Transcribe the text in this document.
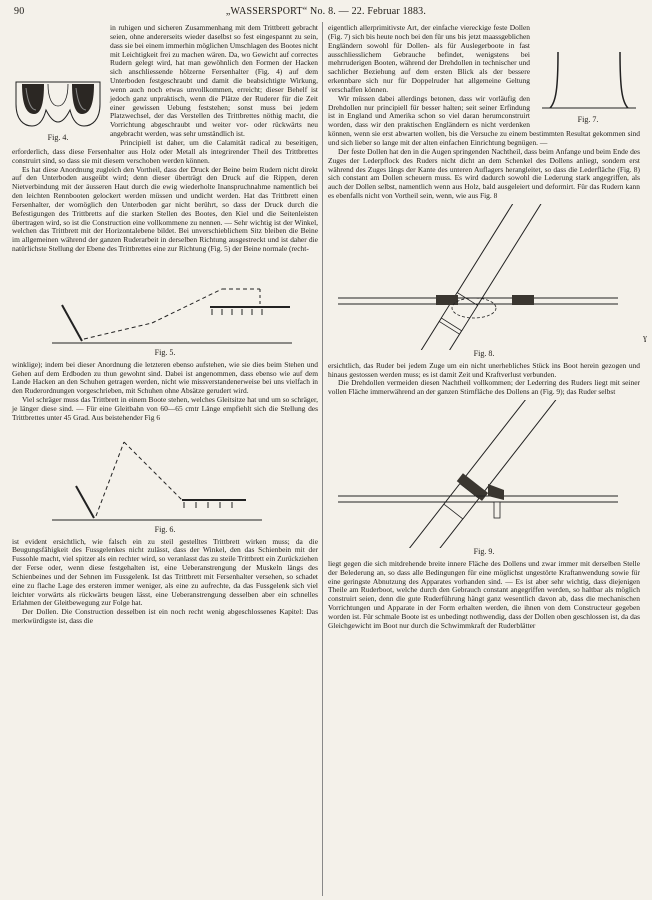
90	„WASSERSPORT“ No. 8. — 22. Februar 1883.
ɣ

Fig. 4.
in ruhigen und sicheren Zusammenhang mit dem Trittbrett gebracht seien, ohne andererseits wieder daselbst so fest eingespannt zu sein, dass sie bei einem immerhin möglichen Umschlagen des Bootes nicht mit Leichtigkeit frei zu machen wären. Da, wo Gewicht auf correctes Rudern gelegt wird, hat man gewöhnlich den Formen der Hacken sich anschliessende hölzerne Fersenhalter (Fig. 4) auf dem Unterboden festgeschraubt und damit die beabsichtigte Wirkung, wenn auch noch etwas unvollkommen, erreicht; dieser Behelf ist jedoch ganz unpraktisch, wenn die Plätze der Ruderer für die Zeit einer gewissen Uebung feststehen; sonst muss bei jedem Platzwechsel, der das Verstellen des Trittbrettes nöthig macht, die Vorrichtung abgeschraubt und weiter vor- oder rückwärts neu angebracht werden, was sehr umständlich ist.

Principiell ist daher, um die Calamität radical zu beseitigen, erforderlich, dass diese Fersenhalter aus Holz oder Metall als integrirender Theil des Trittbrettes construirt sind, so dass sie mit diesem verschoben werden können.

Es hat diese Anordnung zugleich den Vortheil, dass der Druck der Beine beim Rudern nicht direkt auf den Unterboden ausgeübt wird; denn dieser überträgt den Druck auf die Rippen, deren Nietverbindung mit der äusseren Haut durch die ewig wiederholte Inanspruchnahme namentlich bei den leichten Rennbooten gelockert werden müssen und undicht werden. Hat das Trittbrett einen Fersenhalter, der womöglich den Unterboden gar nicht berührt, so dass der Druck durch die Befestigungen des Trittbretts auf die starken Stellen des Bootes, den Kiel und die Seitenleisten übertragen wird, so ist die Construction eine vollkommene zu nennen. — Sehr wichtig ist der Winkel, welchen das Trittbrett mit der Horizontalebene bildet. Bei unverschieblichem Sitz bleiben die Beine im allgemeinen während der ganzen Ruderarbeit in derselben Richtung ausgestreckt und ist daher die natürlichste Stellung der Ebene des Trittbrettes eine zur Richtung (Fig. 5) der Beine normale (recht-

Fig. 5.

winklige); indem bei dieser Anordnung die letzteren ebenso aufstehen, wie sie dies beim Stehen und Gehen auf dem Erdboden zu thun gewohnt sind. Dabei ist angenommen, dass ebenso wie auf dem Lande Hacken an den Schuhen getragen werden, nicht wie missverstandenerweise bei uns vielfach in den Ruderordnungen vorgeschrieben, mit Schuhen ohne Absätze gerudert wird.

Viel schräger muss das Trittbrett in einem Boote stehen, welches Gleitsitze hat und um so schräger, je länger diese sind. — Für eine Gleitbahn von 60—65 cmtr Länge empfiehlt sich die Stellung des Trittbrettes unter 45 Grad. Aus beistehender Fig 6

Fig. 6.

ist evident ersichtlich, wie falsch ein zu steil gestelltes Trittbrett wirken muss; da die Beugungsfähigkeit des Fussgelenkes nicht zulässt, dass der Winkel, den das Schienbein mit der Fussohle macht, viel spitzer als ein rechter wird, so veranlasst das zu steile Trittbrett ein Zurückziehen der Ferse oder, wenn diese festgehalten ist, eine Ueberanstrengung der Muskeln längs des Schienbeines und der Sehnen im Fussgelenk. Ist das Trittbrett mit Fersenhalter versehen, so schadet eine zu flache Lage des ersteren immer weniger, als eine zu aufrechte, da das Fussgelenk sich viel leichter vorwärts als rückwärts beugen lässt, eine Ueberanstrengung desselben aber ein schnelles Erlahmen der Gleitbewegung zur Folge hat.

Der Dollen. Die Construction desselben ist ein noch recht wenig abgeschlossenes Kapitel: Das merkwürdigste ist, dass die

Fig. 7.
eigentlich allerprimitivste Art, der einfache viereckige feste Dollen (Fig. 7) sich bis heute noch bei den für uns bis jetzt maassgeblichen Engländern sowohl für Dollen- als für Auslegerboote in fast ausschliesslichem Gebrauche befindet, wenigstens bei mehrruderigen Booten, während der Drehdollen in technischer und sachlicher Beziehung auf dem ersten Blick als der bessere erkennbare sich nur für Doppelruder hat allgemeine Geltung verschaffen können.

Wir müssen dabei allerdings betonen, dass wir vorläufig den Drehdollen nur principiell für besser halten; seit seiner Erfindung ist in England und Amerika schon so viel daran herumconstruirt worden, dass wir den praktischen Engländern es nicht verdenken können, wenn sie erst abwarten wollen, bis die Versuche zu einem bestimmten Resultat gekommen sind und sich lieber so lange mit der alten einfachen Einrichtung begnügen. —

Der feste Dollen hat den in die Augen springenden Nachtheil, dass beim Anfange und beim Ende des Zuges der Lederpflock des Ruders nicht dicht an dem Schenkel des Dollens anliegt, sondern erst während des Zuges längs der Kante des unteren Auflagers herangleitet, so dass die Lederfläche (Fig. 8) sich constant am Dollen scheuern muss. Es wird dadurch sowohl die Lederung stark angegriffen, als auch der Dollen selbst, namentlich wenn aus Holz, bald ausgeleiert und deformirt. Für das Rudern kann es ebenfalls nicht von Vortheil sein, wenn, wie aus Fig. 8

Fig. 8.

ersichtlich, das Ruder bei jedem Zuge um ein nicht unerhebliches Stück ins Boot herein gezogen und hinaus gestossen werden muss; es ist damit Zeit und Kraftverlust verbunden.

Die Drehdollen vermeiden diesen Nachtheil vollkommen; der Lederring des Ruders liegt mit seiner vollen Fläche immerwährend an der ganzen Stirnfläche des Dollens an (Fig. 9); das Ruder selbst

Fig. 9.

liegt gegen die sich mitdrehende breite innere Fläche des Dollens und zwar immer mit derselben Stelle der Belederung an, so dass alle Bedingungen für eine möglichst ungestörte Kraftanwendung sowie für eine geringste Abnutzung des Apparates vorhanden sind. — Es ist aber sehr wichtig, dass diejenigen Theile am Ruderboot, welche durch den Gebrauch constant angegriffen werden, so haltbar als möglich construirt seien, denn die gute Ruderführung hängt ganz wesentlich davon ab, dass die mechanischen Vorrichtungen und Apparate in der Form erhalten werden, die ihnen von dem Constructeur gegeben worden ist. Für schmale Boote ist es unbedingt nothwendig, dass der Dollen oben geschlossen ist, da das Gleichgewicht im Boot nur durch die Schwimmkraft der Ruderblätter
